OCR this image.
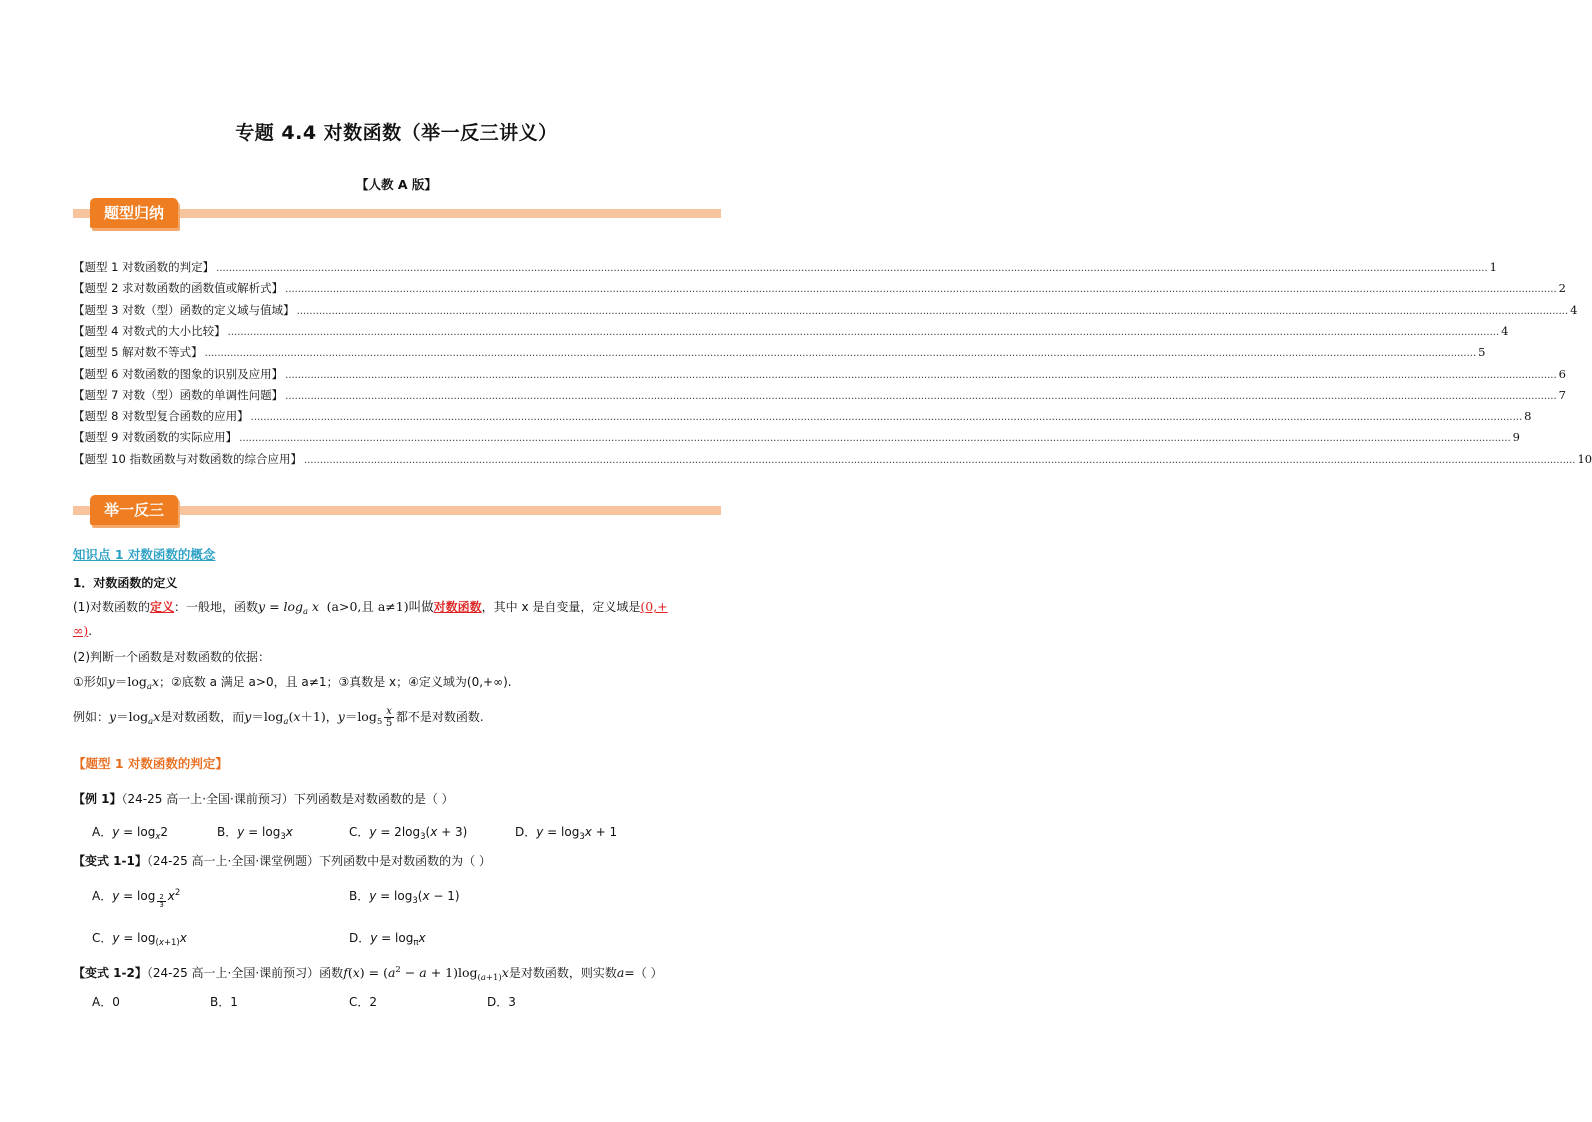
专题 4.4 对数函数（举一反三讲义）
【人教 A 版】
题型归纳
【题型 1 对数函数的判定】 ................................................................................................................................................................................................................................................................................................................................................................................................................ 1
【题型 2 求对数函数的函数值或解析式】 ................................................................................................................................................................................................................................................................................................................................................................................................................ 2
【题型 3 对数（型）函数的定义域与值域】 ................................................................................................................................................................................................................................................................................................................................................................................................................ 4
【题型 4 对数式的大小比较】 ................................................................................................................................................................................................................................................................................................................................................................................................................ 4
【题型 5 解对数不等式】 ................................................................................................................................................................................................................................................................................................................................................................................................................ 5
【题型 6 对数函数的图象的识别及应用】 ................................................................................................................................................................................................................................................................................................................................................................................................................ 6
【题型 7 对数（型）函数的单调性问题】 ................................................................................................................................................................................................................................................................................................................................................................................................................ 7
【题型 8 对数型复合函数的应用】 ................................................................................................................................................................................................................................................................................................................................................................................................................ 8
【题型 9 对数函数的实际应用】 ................................................................................................................................................................................................................................................................................................................................................................................................................ 9
【题型 10 指数函数与对数函数的综合应用】 ................................................................................................................................................................................................................................................................................................................................................................................................................ 10
举一反三
知识点 1 对数函数的概念
1．对数函数的定义
(1)对数函数的定义：一般地，函数$y = \log_a x$ (a>0,且 a≠1)叫做对数函数，其中 x 是自变量，定义域是(0,+
∞).
(2)判断一个函数是对数函数的依据：
①形如$y=\log_ax$；②底数 a 满足 a>0，且 a≠1；③真数是 x；④定义域为(0,+∞).
例如：$y=\log_ax$是对数函数，而$y=\log_a(x+1)$，$y=\log_5 \frac{x}{5}$ 都不是对数函数.
【题型 1 对数函数的判定】
【例 1】（24-25 高一上·全国·课前预习）下列函数是对数函数的是（ ）
A．$y = \log_x2$	B．$y = \log_3x$	C．$y = 2\log_3(x + 3)$	D．$y = \log_3x + 1$
【变式 1-1】（24-25 高一上·全国·课堂例题）下列函数中是对数函数的为（ ）
A．$y = \log \frac{2}{3} x^2$	B．$y = \log_3(x - 1)$
C．$y = \log_{(x+1)}x$	D．$y = \log_\pi x$
【变式 1-2】（24-25 高一上·全国·课前预习）函数$f(x) = (a^2 - a + 1)\log_{(a+1)}x$是对数函数，则实数a=（ ）
A．0	B．1	C．2	D．3
